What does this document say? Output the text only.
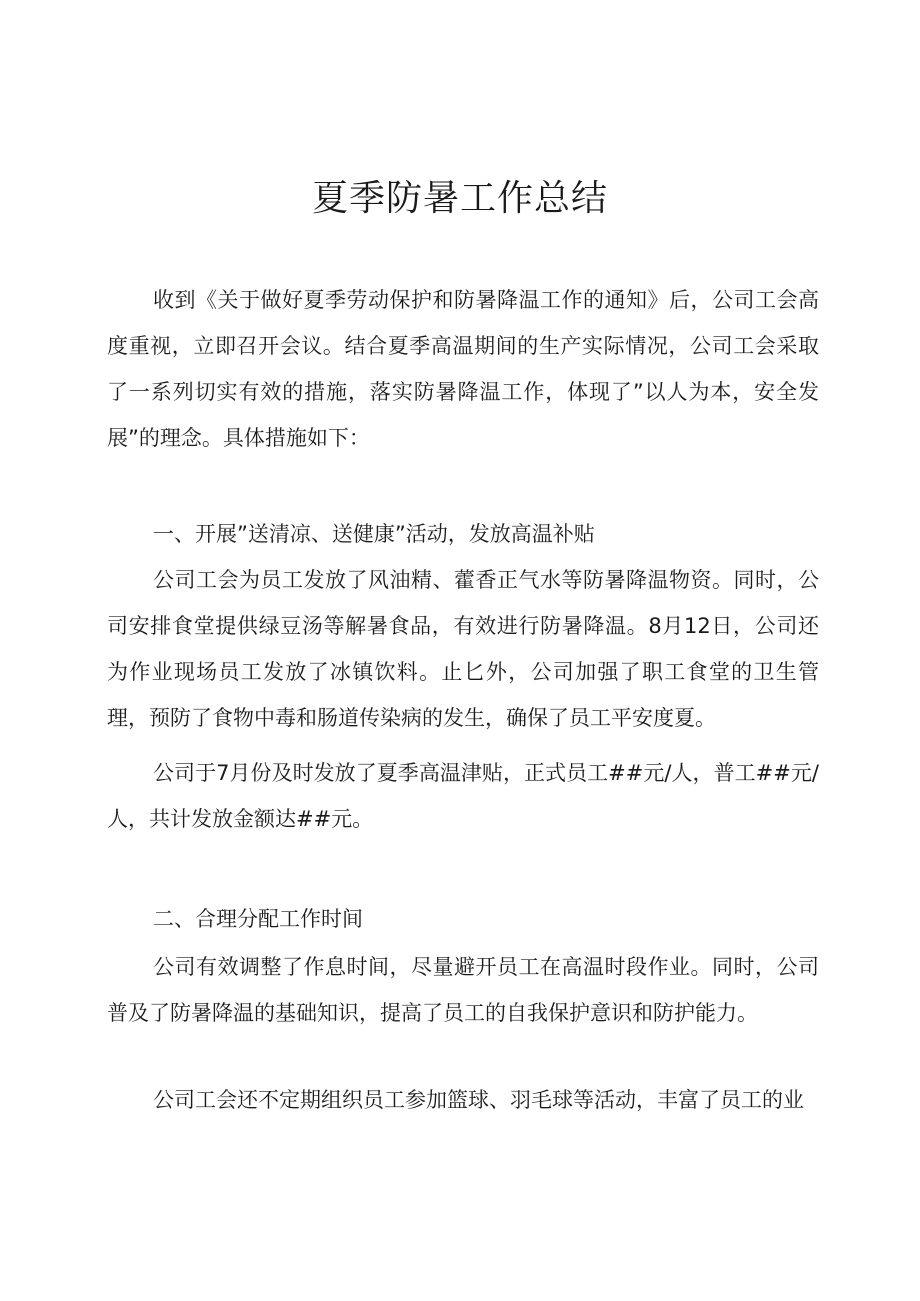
夏季防暑工作总结

收到《关于做好夏季劳动保护和防暑降温工作的通知》后，公司工会高度重视，立即召开会议。结合夏季高温期间的生产实际情况，公司工会采取了一系列切实有效的措施，落实防暑降温工作，体现了”以人为本，安全发展”的理念。具体措施如下：

一、开展”送清凉、送健康”活动，发放高温补贴

公司工会为员工发放了风油精、藿香正气水等防暑降温物资。同时，公司安排食堂提供绿豆汤等解暑食品，有效进行防暑降温。8月12日，公司还为作业现场员工发放了冰镇饮料。止匕外，公司加强了职工食堂的卫生管理，预防了食物中毒和肠道传染病的发生，确保了员工平安度夏。

公司于7月份及时发放了夏季高温津贴，正式员工##元/人，普工##元/人，共计发放金额达##元。

二、合理分配工作时间

公司有效调整了作息时间，尽量避开员工在高温时段作业。同时，公司普及了防暑降温的基础知识，提高了员工的自我保护意识和防护能力。

公司工会还不定期组织员工参加篮球、羽毛球等活动，丰富了员工的业
